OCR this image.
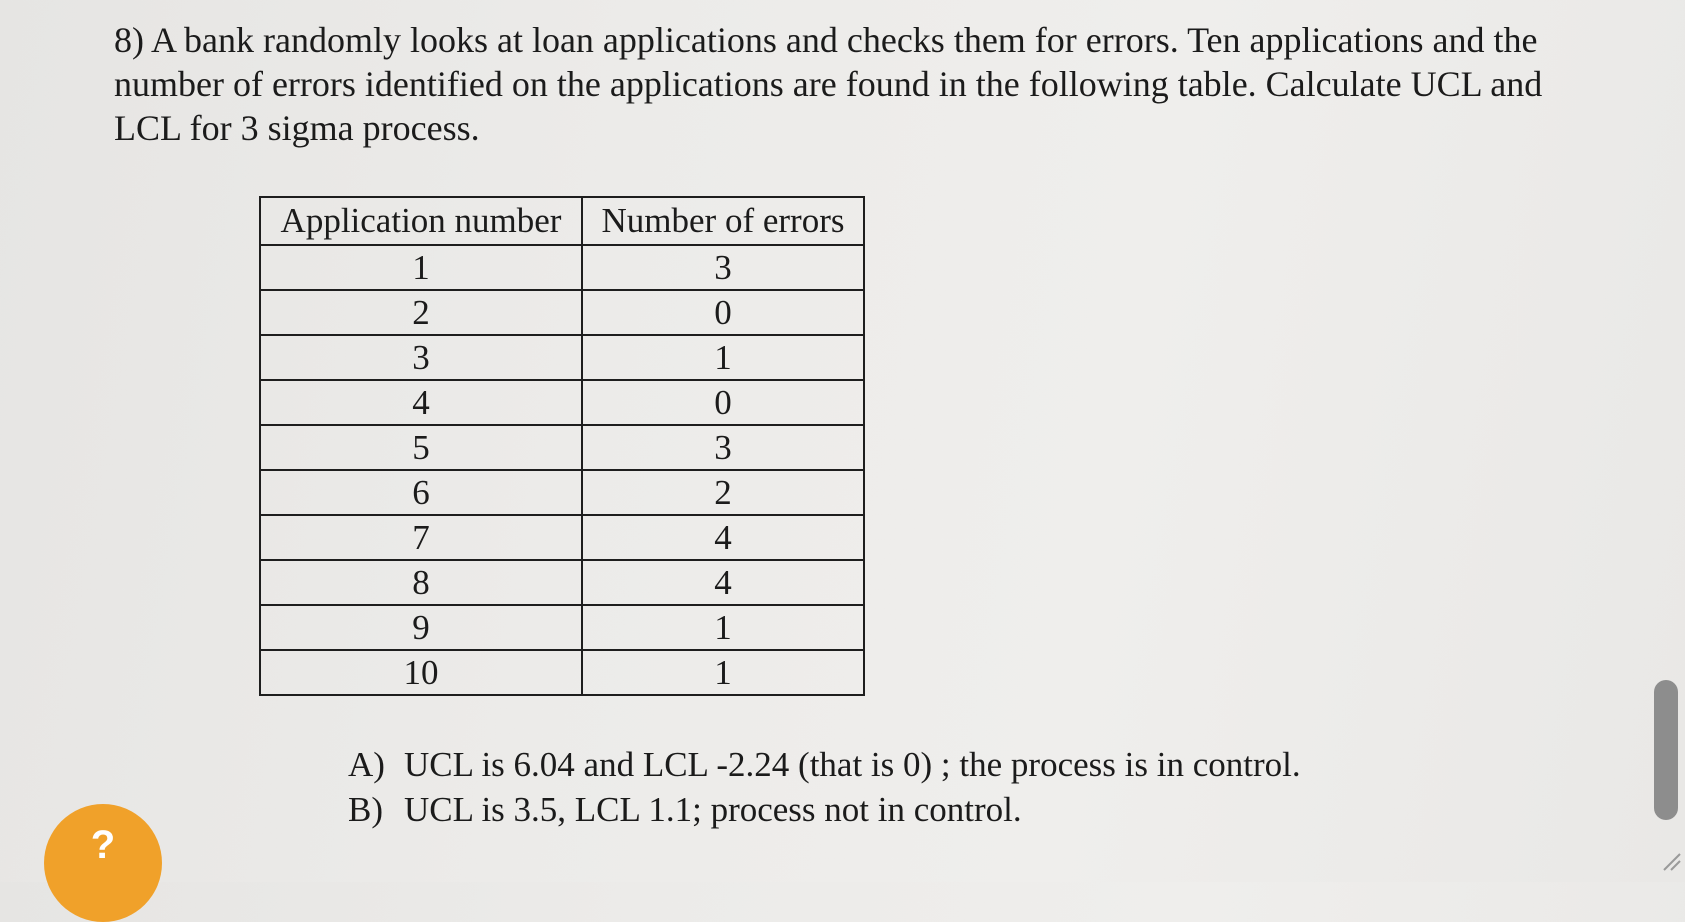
8) A bank randomly looks at loan applications and checks them for errors. Ten applications and the number of errors identified on the applications are found in the following table. Calculate UCL and LCL for 3 sigma process.

Application number	Number of errors
1	3
2	0
3	1
4	0
5	3
6	2
7	4
8	4
9	1
10	1
A) UCL is 6.04 and LCL -2.24 (that is 0) ; the process is in control.
B) UCL is 3.5, LCL 1.1; process not in control.
?
